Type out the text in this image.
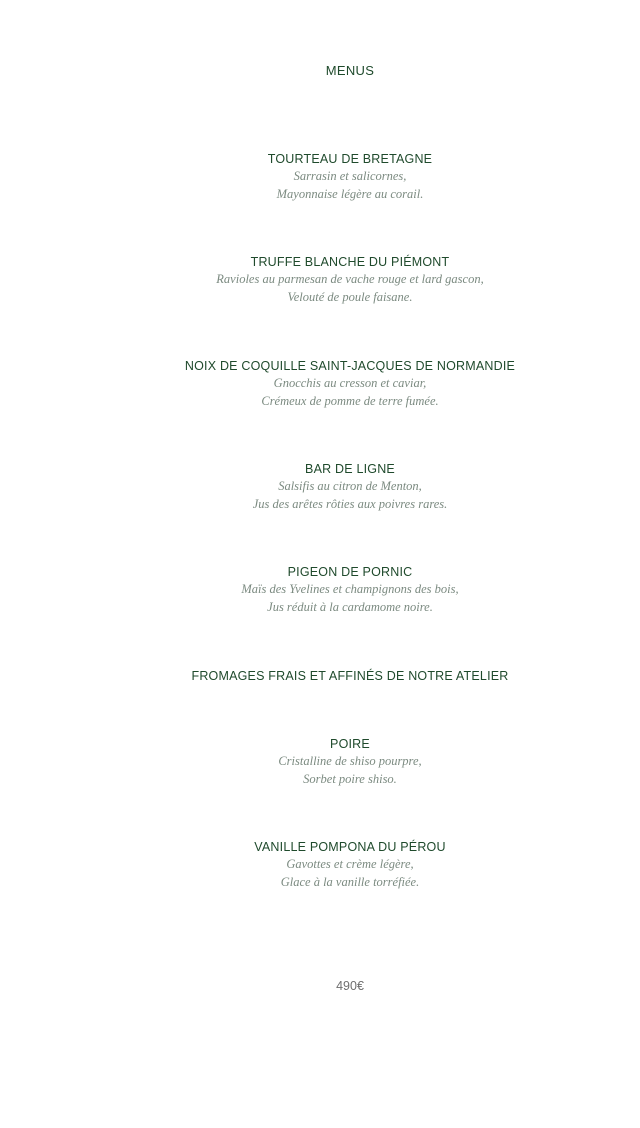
MENUS
TOURTEAU DE BRETAGNE
Sarrasin et salicornes,
Mayonnaise légère au corail.
TRUFFE BLANCHE DU PIÉMONT
Ravioles au parmesan de vache rouge et lard gascon,
Velouté de poule faisane.
NOIX DE COQUILLE SAINT-JACQUES DE NORMANDIE
Gnocchis au cresson et caviar,
Crémeux de pomme de terre fumée.
BAR DE LIGNE
Salsifis au citron de Menton,
Jus des arêtes rôties aux poivres rares.
PIGEON DE PORNIC
Maïs des Yvelines et champignons des bois,
Jus réduit à la cardamome noire.
FROMAGES FRAIS ET AFFINÉS DE NOTRE ATELIER
POIRE
Cristalline de shiso pourpre,
Sorbet poire shiso.
VANILLE POMPONA DU PÉROU
Gavottes et crème légère,
Glace à la vanille torréfiée.
490€
